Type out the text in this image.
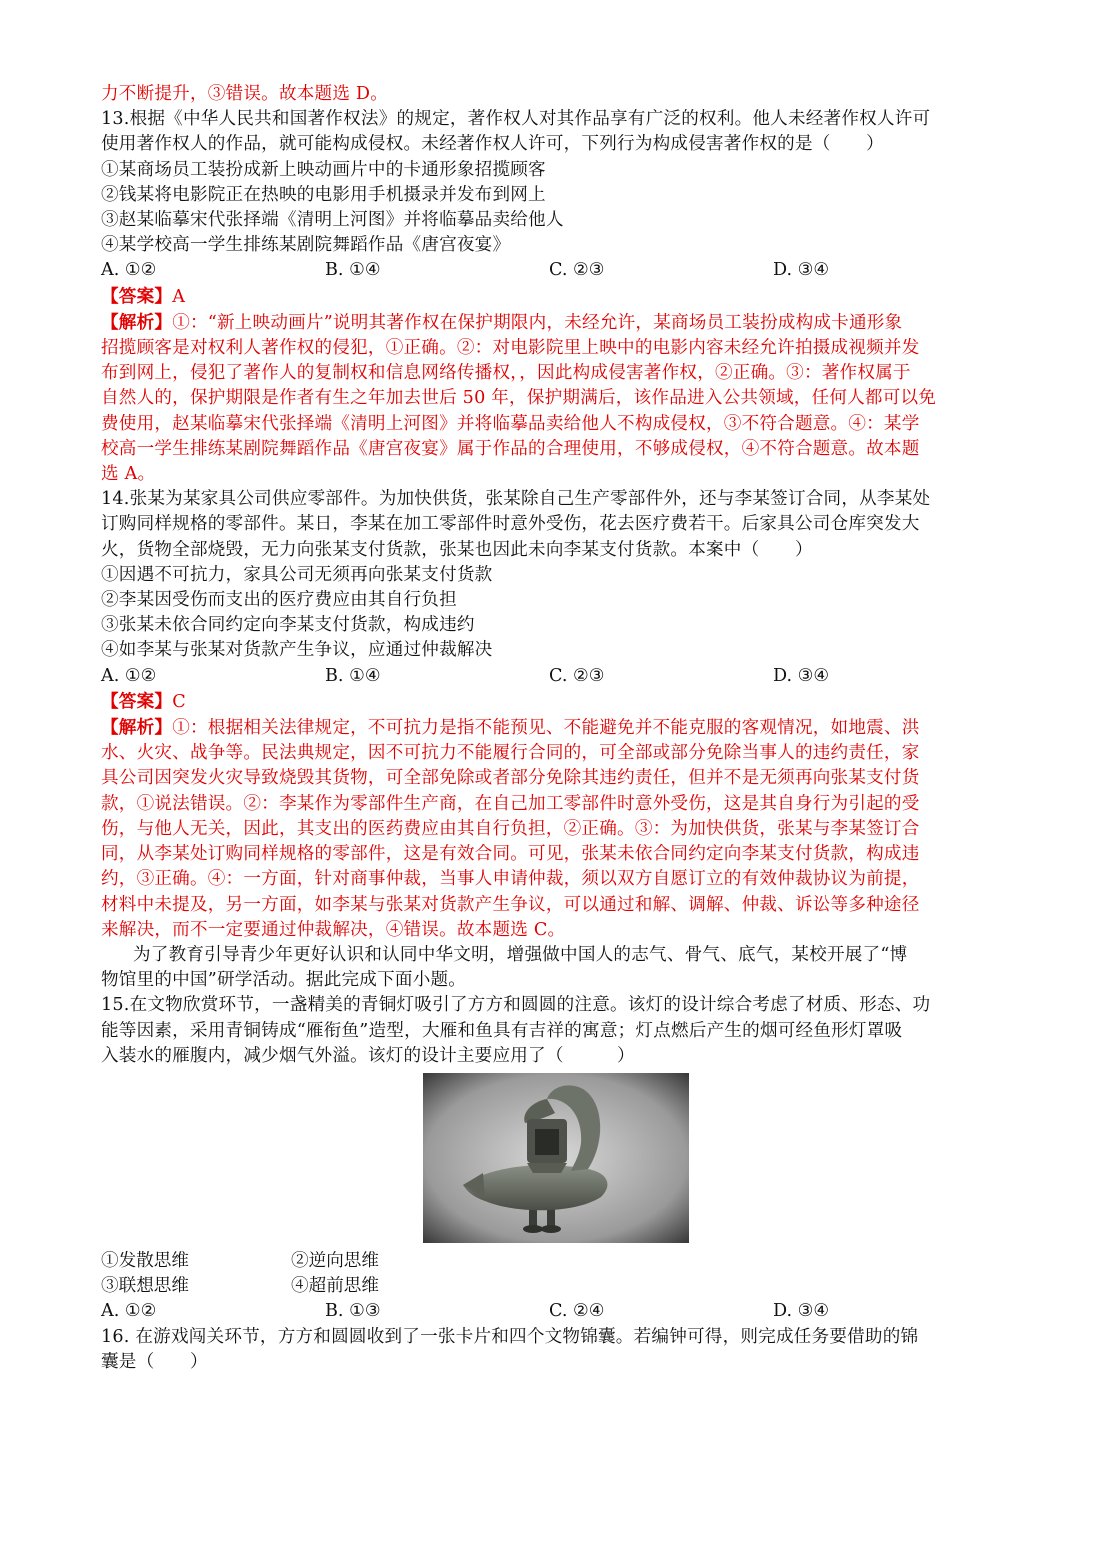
力不断提升，③错误。故本题选 D。
13.根据《中华人民共和国著作权法》的规定，著作权人对其作品享有广泛的权利。他人未经著作权人许可
使用著作权人的作品，就可能构成侵权。未经著作权人许可，下列行为构成侵害著作权的是（　　）
①某商场员工装扮成新上映动画片中的卡通形象招揽顾客
②钱某将电影院正在热映的电影用手机摄录并发布到网上
③赵某临摹宋代张择端《清明上河图》并将临摹品卖给他人
④某学校高一学生排练某剧院舞蹈作品《唐宫夜宴》
A. ①②	B. ①④	C. ②③	D. ③④
【答案】A
【解析】①：“新上映动画片”说明其著作权在保护期限内，未经允许，某商场员工装扮成构成卡通形象
招揽顾客是对权利人著作权的侵犯，①正确。②：对电影院里上映中的电影内容未经允许拍摄成视频并发
布到网上，侵犯了著作人的复制权和信息网络传播权，，因此构成侵害著作权，②正确。③：著作权属于
自然人的，保护期限是作者有生之年加去世后 50 年，保护期满后，该作品进入公共领域，任何人都可以免
费使用，赵某临摹宋代张择端《清明上河图》并将临摹品卖给他人不构成侵权，③不符合题意。④：某学
校高一学生排练某剧院舞蹈作品《唐宫夜宴》属于作品的合理使用，不够成侵权，④不符合题意。故本题
选 A。
14.张某为某家具公司供应零部件。为加快供货，张某除自己生产零部件外，还与李某签订合同，从李某处
订购同样规格的零部件。某日，李某在加工零部件时意外受伤，花去医疗费若干。后家具公司仓库突发大
火，货物全部烧毁，无力向张某支付货款，张某也因此未向李某支付货款。本案中（　　）
①因遇不可抗力，家具公司无须再向张某支付货款
②李某因受伤而支出的医疗费应由其自行负担
③张某未依合同约定向李某支付货款，构成违约
④如李某与张某对货款产生争议，应通过仲裁解决
A. ①②	B. ①④	C. ②③	D. ③④
【答案】C
【解析】①：根据相关法律规定，不可抗力是指不能预见、不能避免并不能克服的客观情况，如地震、洪
水、火灾、战争等。民法典规定，因不可抗力不能履行合同的，可全部或部分免除当事人的违约责任，家
具公司因突发火灾导致烧毁其货物，可全部免除或者部分免除其违约责任，但并不是无须再向张某支付货
款，①说法错误。②：李某作为零部件生产商，在自己加工零部件时意外受伤，这是其自身行为引起的受
伤，与他人无关，因此，其支出的医药费应由其自行负担，②正确。③：为加快供货，张某与李某签订合
同，从李某处订购同样规格的零部件，这是有效合同。可见，张某未依合同约定向李某支付货款，构成违
约，③正确。④：一方面，针对商事仲裁，当事人申请仲裁，须以双方自愿订立的有效仲裁协议为前提，
材料中未提及，另一方面，如李某与张某对货款产生争议，可以通过和解、调解、仲裁、诉讼等多种途径
来解决，而不一定要通过仲裁解决，④错误。故本题选 C。
为了教育引导青少年更好认识和认同中华文明，增强做中国人的志气、骨气、底气，某校开展了“博
物馆里的中国”研学活动。据此完成下面小题。
15.在文物欣赏环节，一盏精美的青铜灯吸引了方方和圆圆的注意。该灯的设计综合考虑了材质、形态、功
能等因素，采用青铜铸成“雁衔鱼”造型，大雁和鱼具有吉祥的寓意；灯点燃后产生的烟可经鱼形灯罩吸
入装水的雁腹内，减少烟气外溢。该灯的设计主要应用了（　　　）
①发散思维	②逆向思维
③联想思维	④超前思维
A. ①②	B. ①③	C. ②④	D. ③④
16. 在游戏闯关环节，方方和圆圆收到了一张卡片和四个文物锦囊。若编钟可得，则完成任务要借助的锦
囊是（　　）
